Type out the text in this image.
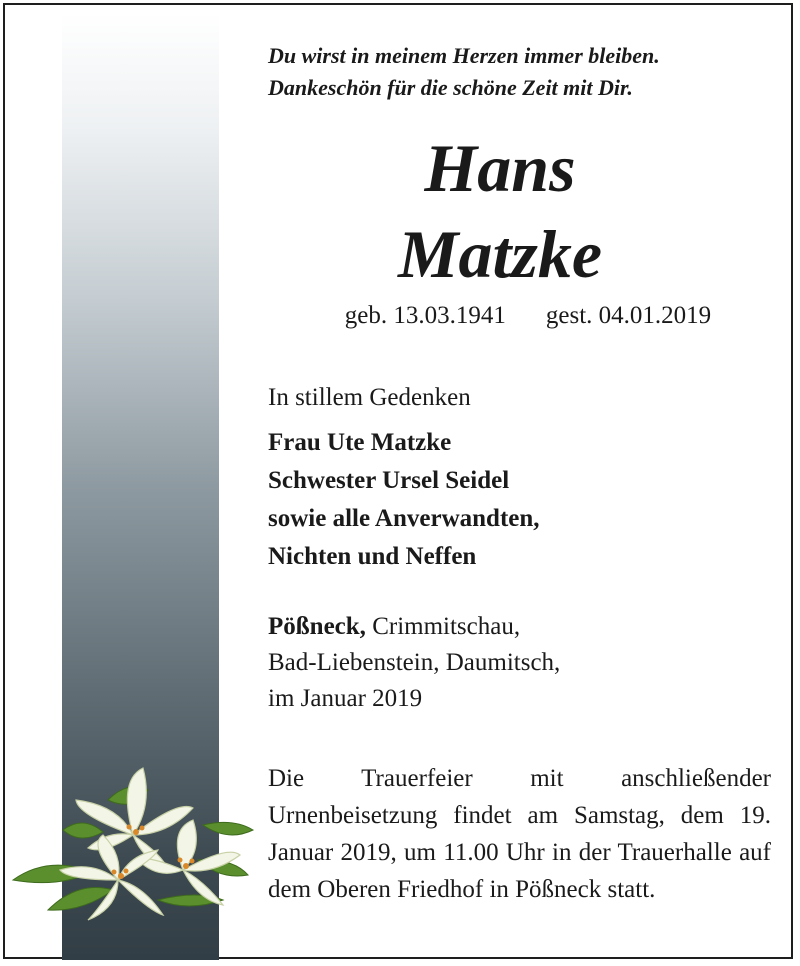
Du wirst in meinem Herzen immer bleiben.
Dankeschön für die schöne Zeit mit Dir.
Hans
Matzke
geb. 13.03.1941 gest. 04.01.2019
In stillem Gedenken
Frau Ute Matzke
Schwester Ursel Seidel
sowie alle Anverwandten,
Nichten und Neffen
Pößneck, Crimmitschau,
Bad-Liebenstein, Daumitsch,
im Januar 2019
Die Trauerfeier mit anschließender Urnenbeisetzung findet am Samstag, dem 19. Januar 2019, um 11.00 Uhr in der Trauerhalle auf dem Oberen Friedhof in Pößneck statt.
